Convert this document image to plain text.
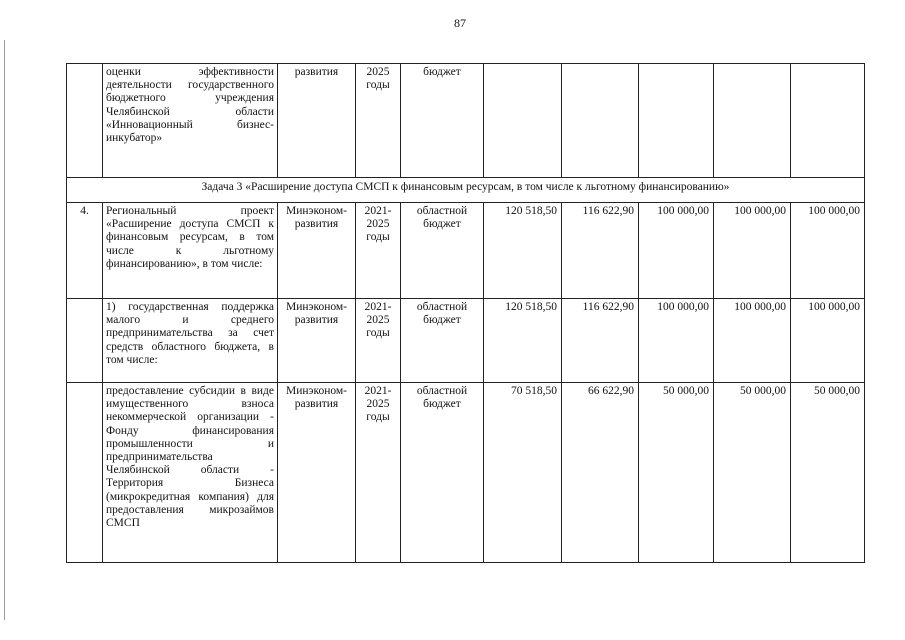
87
	оценки эффективности деятельности государственного бюджетного учреждения Челябинской области «Инновационный бизнес-инкубатор»	развития	2025 годы	бюджет					
Задача 3 «Расширение доступа СМСП к финансовым ресурсам, в том числе к льготному финансированию»									
4.	Региональный проект «Расширение доступа СМСП к финансовым ресурсам, в том числе к льготному финансированию», в том числе:	Минэконом-развития	2021-2025 годы	областной бюджет	120 518,50	116 622,90	100 000,00	100 000,00	100 000,00
	1) государственная поддержка малого и среднего предпринимательства за счет средств областного бюджета, в том числе:	Минэконом-развития	2021-2025 годы	областной бюджет	120 518,50	116 622,90	100 000,00	100 000,00	100 000,00
	предоставление субсидии в виде имущественного взноса некоммерческой организации - Фонду финансирования промышленности и предпринимательства Челябинской области - Территория Бизнеса (микрокредитная компания) для предоставления микрозаймов СМСП	Минэконом-развития	2021-2025 годы	областной бюджет	70 518,50	66 622,90	50 000,00	50 000,00	50 000,00
